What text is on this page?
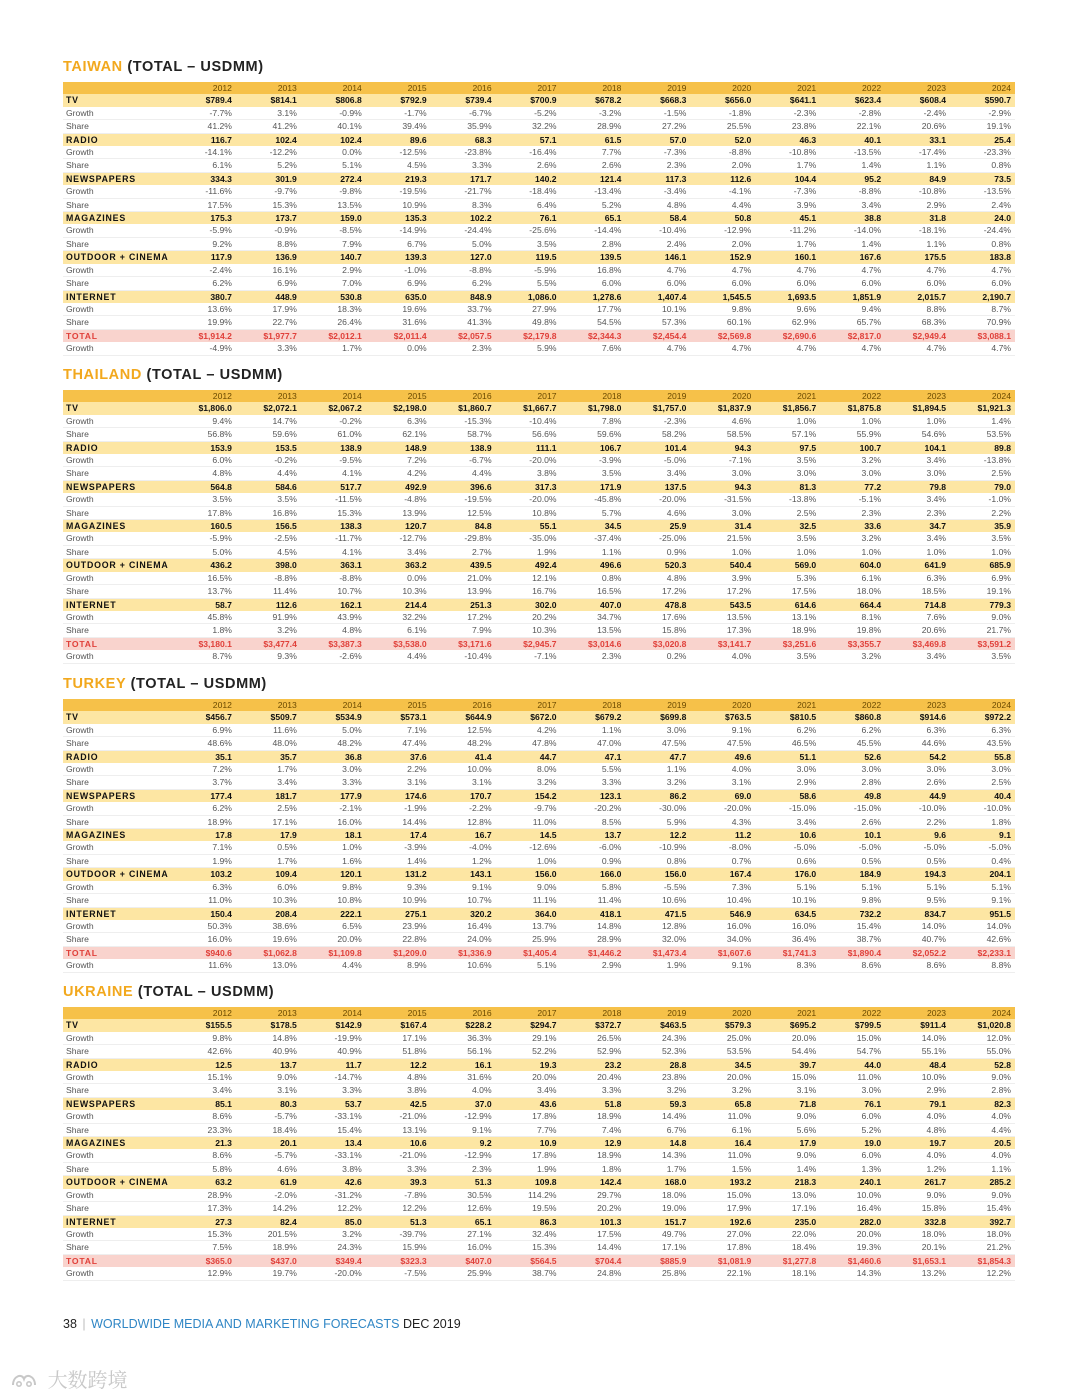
TAIWAN (TOTAL – USDMM)
	2012	2013	2014	2015	2016	2017	2018	2019	2020	2021	2022	2023	2024
TV	$789.4	$814.1	$806.8	$792.9	$739.4	$700.9	$678.2	$668.3	$656.0	$641.1	$623.4	$608.4	$590.7
Growth	-7.7%	3.1%	-0.9%	-1.7%	-6.7%	-5.2%	-3.2%	-1.5%	-1.8%	-2.3%	-2.8%	-2.4%	-2.9%
Share	41.2%	41.2%	40.1%	39.4%	35.9%	32.2%	28.9%	27.2%	25.5%	23.8%	22.1%	20.6%	19.1%
RADIO	116.7	102.4	102.4	89.6	68.3	57.1	61.5	57.0	52.0	46.3	40.1	33.1	25.4
Growth	-14.1%	-12.2%	0.0%	-12.5%	-23.8%	-16.4%	7.7%	-7.3%	-8.8%	-10.8%	-13.5%	-17.4%	-23.3%
Share	6.1%	5.2%	5.1%	4.5%	3.3%	2.6%	2.6%	2.3%	2.0%	1.7%	1.4%	1.1%	0.8%
NEWSPAPERS	334.3	301.9	272.4	219.3	171.7	140.2	121.4	117.3	112.6	104.4	95.2	84.9	73.5
Growth	-11.6%	-9.7%	-9.8%	-19.5%	-21.7%	-18.4%	-13.4%	-3.4%	-4.1%	-7.3%	-8.8%	-10.8%	-13.5%
Share	17.5%	15.3%	13.5%	10.9%	8.3%	6.4%	5.2%	4.8%	4.4%	3.9%	3.4%	2.9%	2.4%
MAGAZINES	175.3	173.7	159.0	135.3	102.2	76.1	65.1	58.4	50.8	45.1	38.8	31.8	24.0
Growth	-5.9%	-0.9%	-8.5%	-14.9%	-24.4%	-25.6%	-14.4%	-10.4%	-12.9%	-11.2%	-14.0%	-18.1%	-24.4%
Share	9.2%	8.8%	7.9%	6.7%	5.0%	3.5%	2.8%	2.4%	2.0%	1.7%	1.4%	1.1%	0.8%
OUTDOOR + CINEMA	117.9	136.9	140.7	139.3	127.0	119.5	139.5	146.1	152.9	160.1	167.6	175.5	183.8
Growth	-2.4%	16.1%	2.9%	-1.0%	-8.8%	-5.9%	16.8%	4.7%	4.7%	4.7%	4.7%	4.7%	4.7%
Share	6.2%	6.9%	7.0%	6.9%	6.2%	5.5%	6.0%	6.0%	6.0%	6.0%	6.0%	6.0%	6.0%
INTERNET	380.7	448.9	530.8	635.0	848.9	1,086.0	1,278.6	1,407.4	1,545.5	1,693.5	1,851.9	2,015.7	2,190.7
Growth	13.6%	17.9%	18.3%	19.6%	33.7%	27.9%	17.7%	10.1%	9.8%	9.6%	9.4%	8.8%	8.7%
Share	19.9%	22.7%	26.4%	31.6%	41.3%	49.8%	54.5%	57.3%	60.1%	62.9%	65.7%	68.3%	70.9%
TOTAL	$1,914.2	$1,977.7	$2,012.1	$2,011.4	$2,057.5	$2,179.8	$2,344.3	$2,454.4	$2,569.8	$2,690.6	$2,817.0	$2,949.4	$3,088.1
Growth	-4.9%	3.3%	1.7%	0.0%	2.3%	5.9%	7.6%	4.7%	4.7%	4.7%	4.7%	4.7%	4.7%
THAILAND (TOTAL – USDMM)
	2012	2013	2014	2015	2016	2017	2018	2019	2020	2021	2022	2023	2024
TV	$1,806.0	$2,072.1	$2,067.2	$2,198.0	$1,860.7	$1,667.7	$1,798.0	$1,757.0	$1,837.9	$1,856.7	$1,875.8	$1,894.5	$1,921.3
Growth	9.4%	14.7%	-0.2%	6.3%	-15.3%	-10.4%	7.8%	-2.3%	4.6%	1.0%	1.0%	1.0%	1.4%
Share	56.8%	59.6%	61.0%	62.1%	58.7%	56.6%	59.6%	58.2%	58.5%	57.1%	55.9%	54.6%	53.5%
RADIO	153.9	153.5	138.9	148.9	138.9	111.1	106.7	101.4	94.3	97.5	100.7	104.1	89.8
Growth	6.0%	-0.2%	-9.5%	7.2%	-6.7%	-20.0%	-3.9%	-5.0%	-7.1%	3.5%	3.2%	3.4%	-13.8%
Share	4.8%	4.4%	4.1%	4.2%	4.4%	3.8%	3.5%	3.4%	3.0%	3.0%	3.0%	3.0%	2.5%
NEWSPAPERS	564.8	584.6	517.7	492.9	396.6	317.3	171.9	137.5	94.3	81.3	77.2	79.8	79.0
Growth	3.5%	3.5%	-11.5%	-4.8%	-19.5%	-20.0%	-45.8%	-20.0%	-31.5%	-13.8%	-5.1%	3.4%	-1.0%
Share	17.8%	16.8%	15.3%	13.9%	12.5%	10.8%	5.7%	4.6%	3.0%	2.5%	2.3%	2.3%	2.2%
MAGAZINES	160.5	156.5	138.3	120.7	84.8	55.1	34.5	25.9	31.4	32.5	33.6	34.7	35.9
Growth	-5.9%	-2.5%	-11.7%	-12.7%	-29.8%	-35.0%	-37.4%	-25.0%	21.5%	3.5%	3.2%	3.4%	3.5%
Share	5.0%	4.5%	4.1%	3.4%	2.7%	1.9%	1.1%	0.9%	1.0%	1.0%	1.0%	1.0%	1.0%
OUTDOOR + CINEMA	436.2	398.0	363.1	363.2	439.5	492.4	496.6	520.3	540.4	569.0	604.0	641.9	685.9
Growth	16.5%	-8.8%	-8.8%	0.0%	21.0%	12.1%	0.8%	4.8%	3.9%	5.3%	6.1%	6.3%	6.9%
Share	13.7%	11.4%	10.7%	10.3%	13.9%	16.7%	16.5%	17.2%	17.2%	17.5%	18.0%	18.5%	19.1%
INTERNET	58.7	112.6	162.1	214.4	251.3	302.0	407.0	478.8	543.5	614.6	664.4	714.8	779.3
Growth	45.8%	91.9%	43.9%	32.2%	17.2%	20.2%	34.7%	17.6%	13.5%	13.1%	8.1%	7.6%	9.0%
Share	1.8%	3.2%	4.8%	6.1%	7.9%	10.3%	13.5%	15.8%	17.3%	18.9%	19.8%	20.6%	21.7%
TOTAL	$3,180.1	$3,477.4	$3,387.3	$3,538.0	$3,171.6	$2,945.7	$3,014.6	$3,020.8	$3,141.7	$3,251.6	$3,355.7	$3,469.8	$3,591.2
Growth	8.7%	9.3%	-2.6%	4.4%	-10.4%	-7.1%	2.3%	0.2%	4.0%	3.5%	3.2%	3.4%	3.5%
TURKEY (TOTAL – USDMM)
	2012	2013	2014	2015	2016	2017	2018	2019	2020	2021	2022	2023	2024
TV	$456.7	$509.7	$534.9	$573.1	$644.9	$672.0	$679.2	$699.8	$763.5	$810.5	$860.8	$914.6	$972.2
Growth	6.9%	11.6%	5.0%	7.1%	12.5%	4.2%	1.1%	3.0%	9.1%	6.2%	6.2%	6.3%	6.3%
Share	48.6%	48.0%	48.2%	47.4%	48.2%	47.8%	47.0%	47.5%	47.5%	46.5%	45.5%	44.6%	43.5%
RADIO	35.1	35.7	36.8	37.6	41.4	44.7	47.1	47.7	49.6	51.1	52.6	54.2	55.8
Growth	7.2%	1.7%	3.0%	2.2%	10.0%	8.0%	5.5%	1.1%	4.0%	3.0%	3.0%	3.0%	3.0%
Share	3.7%	3.4%	3.3%	3.1%	3.1%	3.2%	3.3%	3.2%	3.1%	2.9%	2.8%	2.6%	2.5%
NEWSPAPERS	177.4	181.7	177.9	174.6	170.7	154.2	123.1	86.2	69.0	58.6	49.8	44.9	40.4
Growth	6.2%	2.5%	-2.1%	-1.9%	-2.2%	-9.7%	-20.2%	-30.0%	-20.0%	-15.0%	-15.0%	-10.0%	-10.0%
Share	18.9%	17.1%	16.0%	14.4%	12.8%	11.0%	8.5%	5.9%	4.3%	3.4%	2.6%	2.2%	1.8%
MAGAZINES	17.8	17.9	18.1	17.4	16.7	14.5	13.7	12.2	11.2	10.6	10.1	9.6	9.1
Growth	7.1%	0.5%	1.0%	-3.9%	-4.0%	-12.6%	-6.0%	-10.9%	-8.0%	-5.0%	-5.0%	-5.0%	-5.0%
Share	1.9%	1.7%	1.6%	1.4%	1.2%	1.0%	0.9%	0.8%	0.7%	0.6%	0.5%	0.5%	0.4%
OUTDOOR + CINEMA	103.2	109.4	120.1	131.2	143.1	156.0	166.0	156.0	167.4	176.0	184.9	194.3	204.1
Growth	6.3%	6.0%	9.8%	9.3%	9.1%	9.0%	5.8%	-5.5%	7.3%	5.1%	5.1%	5.1%	5.1%
Share	11.0%	10.3%	10.8%	10.9%	10.7%	11.1%	11.4%	10.6%	10.4%	10.1%	9.8%	9.5%	9.1%
INTERNET	150.4	208.4	222.1	275.1	320.2	364.0	418.1	471.5	546.9	634.5	732.2	834.7	951.5
Growth	50.3%	38.6%	6.5%	23.9%	16.4%	13.7%	14.8%	12.8%	16.0%	16.0%	15.4%	14.0%	14.0%
Share	16.0%	19.6%	20.0%	22.8%	24.0%	25.9%	28.9%	32.0%	34.0%	36.4%	38.7%	40.7%	42.6%
TOTAL	$940.6	$1,062.8	$1,109.8	$1,209.0	$1,336.9	$1,405.4	$1,446.2	$1,473.4	$1,607.6	$1,741.3	$1,890.4	$2,052.2	$2,233.1
Growth	11.6%	13.0%	4.4%	8.9%	10.6%	5.1%	2.9%	1.9%	9.1%	8.3%	8.6%	8.6%	8.8%
UKRAINE (TOTAL – USDMM)
	2012	2013	2014	2015	2016	2017	2018	2019	2020	2021	2022	2023	2024
TV	$155.5	$178.5	$142.9	$167.4	$228.2	$294.7	$372.7	$463.5	$579.3	$695.2	$799.5	$911.4	$1,020.8
Growth	9.8%	14.8%	-19.9%	17.1%	36.3%	29.1%	26.5%	24.3%	25.0%	20.0%	15.0%	14.0%	12.0%
Share	42.6%	40.9%	40.9%	51.8%	56.1%	52.2%	52.9%	52.3%	53.5%	54.4%	54.7%	55.1%	55.0%
RADIO	12.5	13.7	11.7	12.2	16.1	19.3	23.2	28.8	34.5	39.7	44.0	48.4	52.8
Growth	15.1%	9.0%	-14.7%	4.8%	31.6%	20.0%	20.4%	23.8%	20.0%	15.0%	11.0%	10.0%	9.0%
Share	3.4%	3.1%	3.3%	3.8%	4.0%	3.4%	3.3%	3.2%	3.2%	3.1%	3.0%	2.9%	2.8%
NEWSPAPERS	85.1	80.3	53.7	42.5	37.0	43.6	51.8	59.3	65.8	71.8	76.1	79.1	82.3
Growth	8.6%	-5.7%	-33.1%	-21.0%	-12.9%	17.8%	18.9%	14.4%	11.0%	9.0%	6.0%	4.0%	4.0%
Share	23.3%	18.4%	15.4%	13.1%	9.1%	7.7%	7.4%	6.7%	6.1%	5.6%	5.2%	4.8%	4.4%
MAGAZINES	21.3	20.1	13.4	10.6	9.2	10.9	12.9	14.8	16.4	17.9	19.0	19.7	20.5
Growth	8.6%	-5.7%	-33.1%	-21.0%	-12.9%	17.8%	18.9%	14.3%	11.0%	9.0%	6.0%	4.0%	4.0%
Share	5.8%	4.6%	3.8%	3.3%	2.3%	1.9%	1.8%	1.7%	1.5%	1.4%	1.3%	1.2%	1.1%
OUTDOOR + CINEMA	63.2	61.9	42.6	39.3	51.3	109.8	142.4	168.0	193.2	218.3	240.1	261.7	285.2
Growth	28.9%	-2.0%	-31.2%	-7.8%	30.5%	114.2%	29.7%	18.0%	15.0%	13.0%	10.0%	9.0%	9.0%
Share	17.3%	14.2%	12.2%	12.2%	12.6%	19.5%	20.2%	19.0%	17.9%	17.1%	16.4%	15.8%	15.4%
INTERNET	27.3	82.4	85.0	51.3	65.1	86.3	101.3	151.7	192.6	235.0	282.0	332.8	392.7
Growth	15.3%	201.5%	3.2%	-39.7%	27.1%	32.4%	17.5%	49.7%	27.0%	22.0%	20.0%	18.0%	18.0%
Share	7.5%	18.9%	24.3%	15.9%	16.0%	15.3%	14.4%	17.1%	17.8%	18.4%	19.3%	20.1%	21.2%
TOTAL	$365.0	$437.0	$349.4	$323.3	$407.0	$564.5	$704.4	$885.9	$1,081.9	$1,277.8	$1,460.6	$1,653.1	$1,854.3
Growth	12.9%	19.7%	-20.0%	-7.5%	25.9%	38.7%	24.8%	25.8%	22.1%	18.1%	14.3%	13.2%	12.2%
38 | WORLDWIDE MEDIA AND MARKETING FORECASTS DEC 2019
大数跨境
